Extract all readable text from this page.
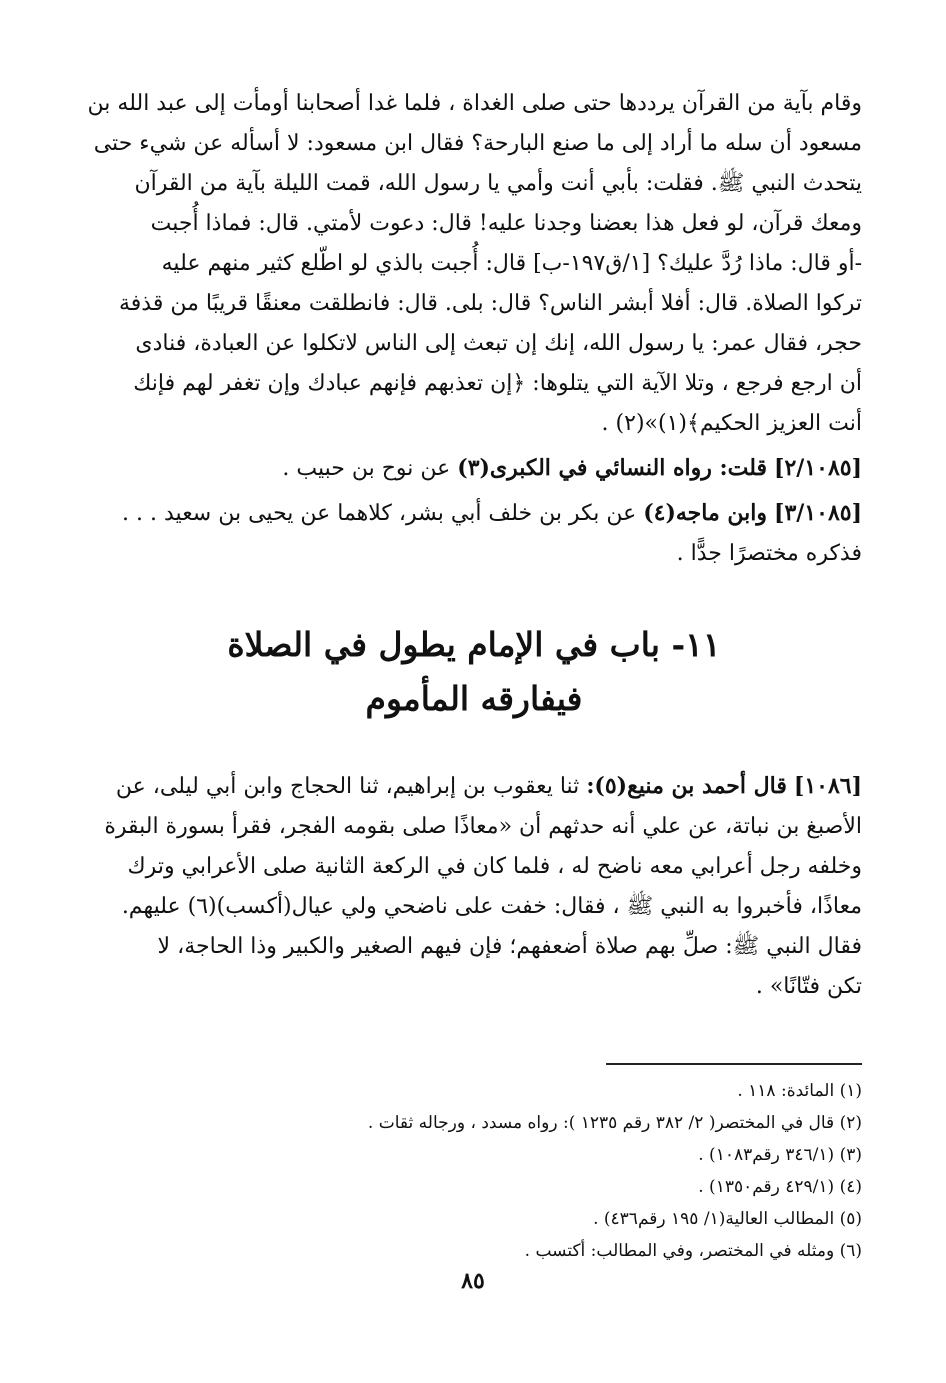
وقام بآية من القرآن يرددها حتى صلى الغداة ، فلما غدا أصحابنا أومأت إلى عبد الله بن

مسعود أن سله ما أراد إلى ما صنع البارحة؟ فقال ابن مسعود: لا أسأله عن شيء حتى

يتحدث النبي ﷺ. فقلت: بأبي أنت وأمي يا رسول الله، قمت الليلة بآية من القرآن

ومعك قرآن، لو فعل هذا بعضنا وجدنا عليه! قال: دعوت لأمتي. قال: فماذا أُجبت

-أو قال: ماذا رُدَّ عليك؟ [١/ق١٩٧-ب] قال: أُجبت بالذي لو اطّلع كثير منهم عليه

تركوا الصلاة. قال: أفلا أبشر الناس؟ قال: بلى. قال: فانطلقت معنقًا قريبًا من قذفة

حجر، فقال عمر: يا رسول الله، إنك إن تبعث إلى الناس لاتكلوا عن العبادة، فنادى

أن ارجع فرجع ، وتلا الآية التي يتلوها: ﴿إن تعذبهم فإنهم عبادك وإن تغفر لهم فإنك

أنت العزيز الحكيم﴾(١)»(٢) .

[٢/١٠٨٥] قلت: رواه النسائي في الكبرى(٣) عن نوح بن حبيب .

[٣/١٠٨٥] وابن ماجه(٤) عن بكر بن خلف أبي بشر، كلاهما عن يحيى بن سعيد . . .

فذكره مختصرًا جدًّا .

١١- باب في الإمام يطول في الصلاة
فيفارقه المأموم

[١٠٨٦] قال أحمد بن منيع(٥): ثنا يعقوب بن إبراهيم، ثنا الحجاج وابن أبي ليلى، عن

الأصبغ بن نباتة، عن علي أنه حدثهم أن «معاذًا صلى بقومه الفجر، فقرأ بسورة البقرة

وخلفه رجل أعرابي معه ناضح له ، فلما كان في الركعة الثانية صلى الأعرابي وترك

معاذًا، فأخبروا به النبي ﷺ ، فقال: خفت على ناضحي ولي عيال(أكسب)(٦) عليهم.

فقال النبي ﷺ: صلِّ بهم صلاة أضعفهم؛ فإن فيهم الصغير والكبير وذا الحاجة، لا

تكن فتّانًا» .

(١) المائدة: ١١٨ .

(٢) قال في المختصر( ٢/ ٣٨٢ رقم ١٢٣٥ ): رواه مسدد ، ورجاله ثقات .

(٣) (٣٤٦/١ رقم١٠٨٣) .

(٤) (٤٢٩/١ رقم١٣٥٠) .

(٥) المطالب العالية(١/ ١٩٥ رقم٤٣٦) .

(٦) ومثله في المختصر، وفي المطالب: أكتسب .

٨٥
